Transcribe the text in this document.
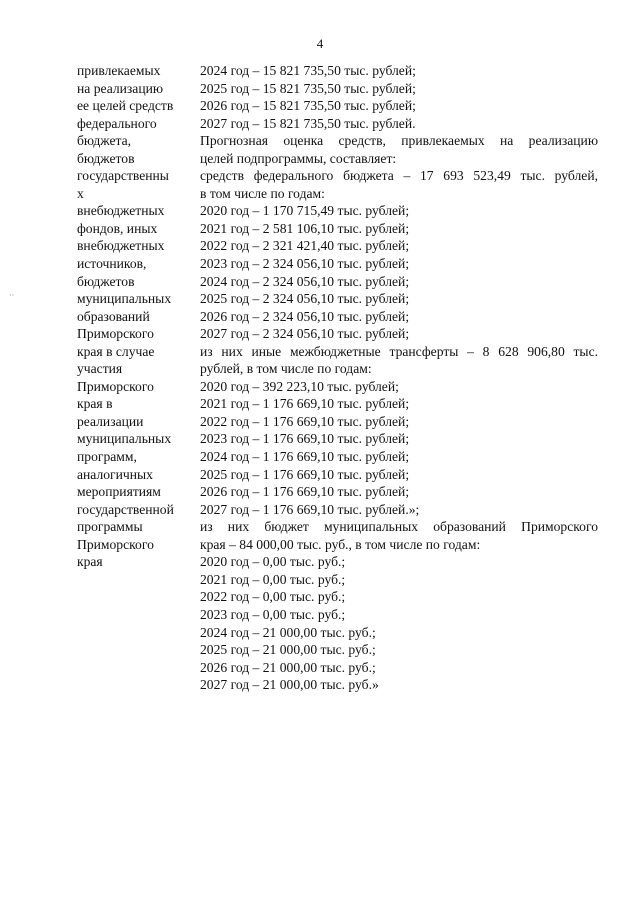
4
привлекаемых
на реализацию
ее целей средств
федерального
бюджета,
бюджетов
государственны
х
внебюджетных
фондов, иных
внебюджетных
источников,
бюджетов
муниципальных
образований
Приморского
края в случае
участия
Приморского
края в
реализации
муниципальных
программ,
аналогичных
мероприятиям
государственной
программы
Приморского
края
2024 год – 15 821 735,50 тыс. рублей;
2025 год – 15 821 735,50 тыс. рублей;
2026 год – 15 821 735,50 тыс. рублей;
2027 год – 15 821 735,50 тыс. рублей.
Прогнозная оценка средств, привлекаемых на реализацию
целей подпрограммы, составляет:
средств федерального бюджета – 17 693 523,49 тыс. рублей,
в том числе по годам:
2020 год – 1 170 715,49 тыс. рублей;
2021 год – 2 581 106,10 тыс. рублей;
2022 год – 2 321 421,40 тыс. рублей;
2023 год – 2 324 056,10 тыс. рублей;
2024 год – 2 324 056,10 тыс. рублей;
2025 год – 2 324 056,10 тыс. рублей;
2026 год – 2 324 056,10 тыс. рублей;
2027 год – 2 324 056,10 тыс. рублей;
из них иные межбюджетные трансферты – 8 628 906,80 тыс.
рублей, в том числе по годам:
2020 год – 392 223,10 тыс. рублей;
2021 год – 1 176 669,10 тыс. рублей;
2022 год – 1 176 669,10 тыс. рублей;
2023 год – 1 176 669,10 тыс. рублей;
2024 год – 1 176 669,10 тыс. рублей;
2025 год – 1 176 669,10 тыс. рублей;
2026 год – 1 176 669,10 тыс. рублей;
2027 год – 1 176 669,10 тыс. рублей.»;
из них бюджет муниципальных образований Приморского
края – 84 000,00 тыс. руб., в том числе по годам:
2020 год – 0,00 тыс. руб.;
2021 год – 0,00 тыс. руб.;
2022 год – 0,00 тыс. руб.;
2023 год – 0,00 тыс. руб.;
2024 год – 21 000,00 тыс. руб.;
2025 год – 21 000,00 тыс. руб.;
2026 год – 21 000,00 тыс. руб.;
2027 год – 21 000,00 тыс. руб.»
··
